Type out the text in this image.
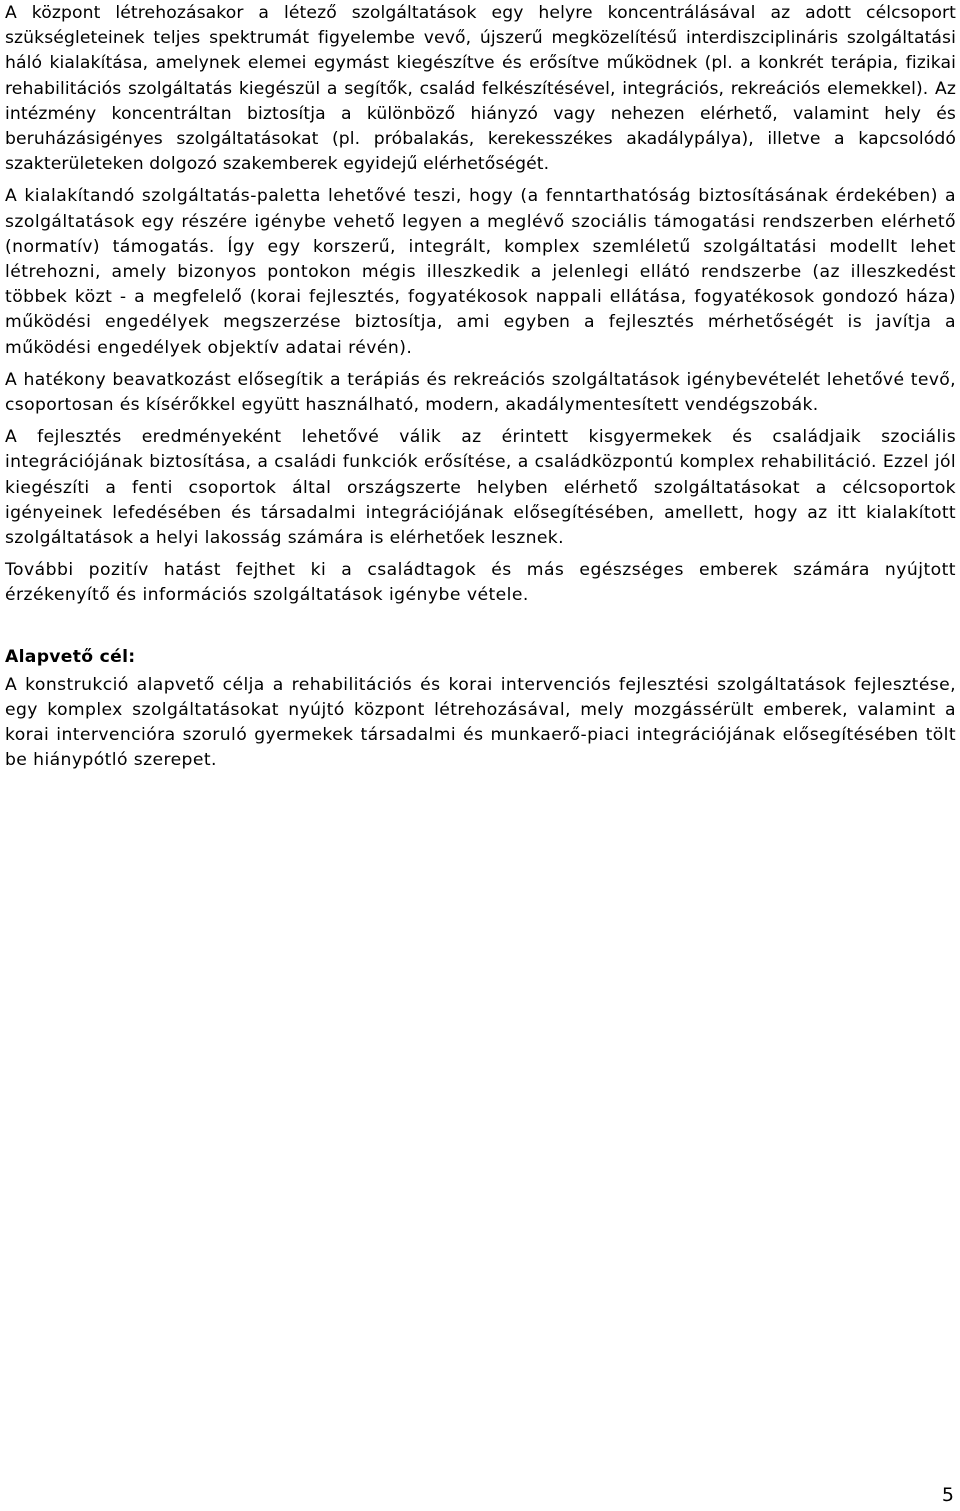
A központ létrehozásakor a létező szolgáltatások egy helyre koncentrálásával az adott célcsoport szükségleteinek teljes spektrumát figyelembe vevő, újszerű megközelítésű interdiszciplináris szolgáltatási háló kialakítása, amelynek elemei egymást kiegészítve és erősítve működnek (pl. a konkrét terápia, fizikai rehabilitációs szolgáltatás kiegészül a segítők, család felkészítésével, integrációs, rekreációs elemekkel). Az intézmény koncentráltan biztosítja a különböző hiányzó vagy nehezen elérhető, valamint hely és beruházásigényes szolgáltatásokat (pl. próbalakás, kerekesszékes akadálypálya), illetve a kapcsolódó szakterületeken dolgozó szakemberek egyidejű elérhetőségét.

A kialakítandó szolgáltatás-paletta lehetővé teszi, hogy (a fenntarthatóság biztosításának érdekében) a szolgáltatások egy részére igénybe vehető legyen a meglévő szociális támogatási rendszerben elérhető (normatív) támogatás. Így egy korszerű, integrált, komplex szemléletű szolgáltatási modellt lehet létrehozni, amely bizonyos pontokon mégis illeszkedik a jelenlegi ellátó rendszerbe (az illeszkedést többek közt - a megfelelő (korai fejlesztés, fogyatékosok nappali ellátása, fogyatékosok gondozó háza) működési engedélyek megszerzése biztosítja, ami egyben a fejlesztés mérhetőségét is javítja a működési engedélyek objektív adatai révén).

A hatékony beavatkozást elősegítik a terápiás és rekreációs szolgáltatások igénybevételét lehetővé tevő, csoportosan és kísérőkkel együtt használható, modern, akadálymentesített vendégszobák.

A fejlesztés eredményeként lehetővé válik az érintett kisgyermekek és családjaik szociális integrációjának biztosítása, a családi funkciók erősítése, a családközpontú komplex rehabilitáció. Ezzel jól kiegészíti a fenti csoportok által országszerte helyben elérhető szolgáltatásokat a célcsoportok igényeinek lefedésében és társadalmi integrációjának elősegítésében, amellett, hogy az itt kialakított szolgáltatások a helyi lakosság számára is elérhetőek lesznek.

További pozitív hatást fejthet ki a családtagok és más egészséges emberek számára nyújtott érzékenyítő és információs szolgáltatások igénybe vétele.

Alapvető cél:

A konstrukció alapvető célja a rehabilitációs és korai intervenciós fejlesztési szolgáltatások fejlesztése, egy komplex szolgáltatásokat nyújtó központ létrehozásával, mely mozgássérült emberek, valamint a korai intervencióra szoruló gyermekek társadalmi és munkaerő-piaci integrációjának elősegítésében tölt be hiánypótló szerepet.

5
